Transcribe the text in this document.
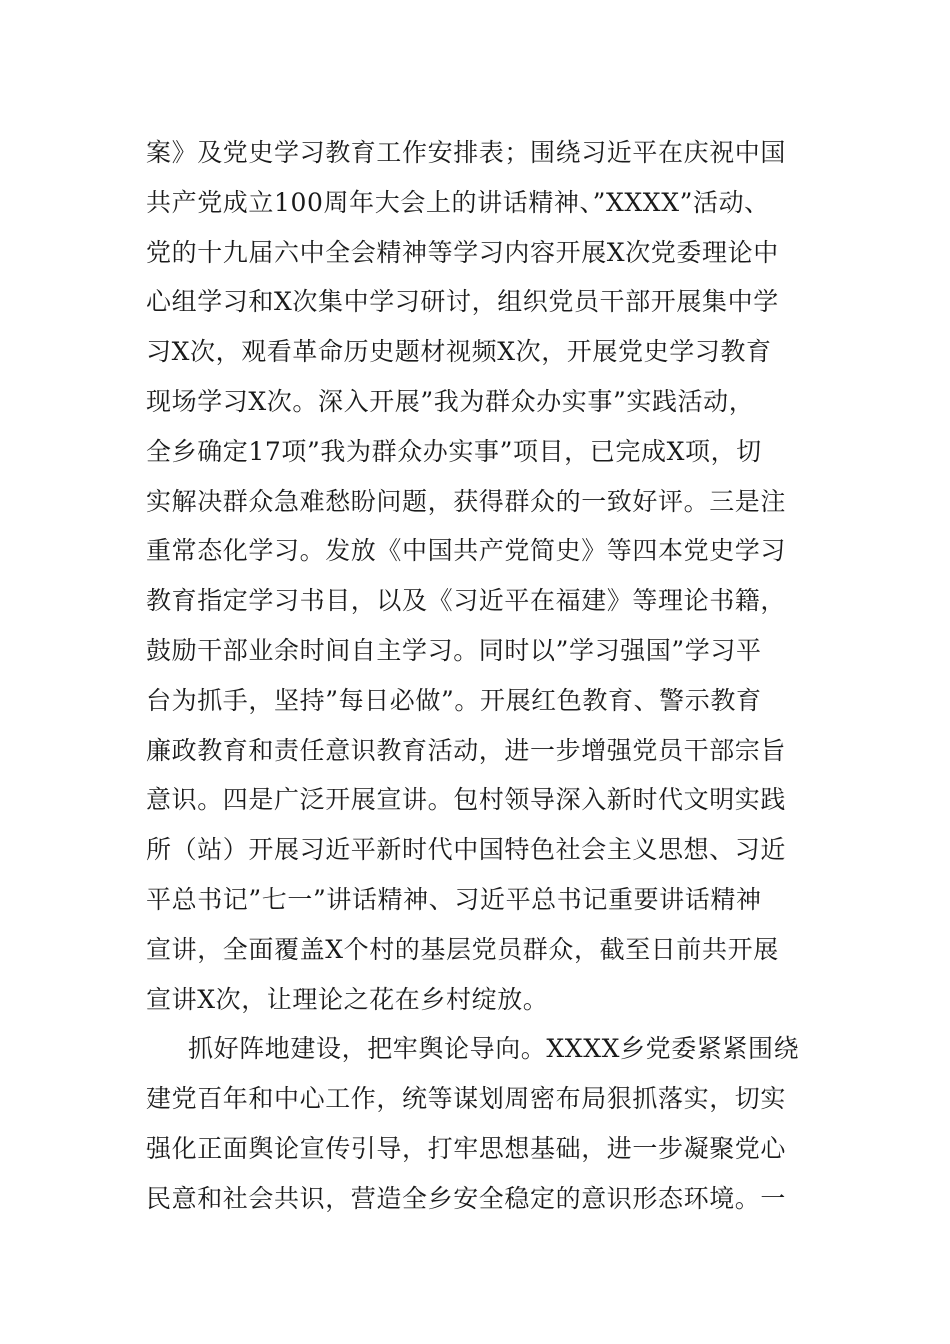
案》及党史学习教育工作安排表；围绕习近平在庆祝中国
共产党成立100周年大会上的讲话精神、”XXXX”活动、
党的十九届六中全会精神等学习内容开展X次党委理论中
心组学习和X次集中学习研讨，组织党员干部开展集中学
习X次，观看革命历史题材视频X次，开展党史学习教育
现场学习X次。深入开展”我为群众办实事”实践活动，
全乡确定17项”我为群众办实事”项目，已完成X项，切
实解决群众急难愁盼问题，获得群众的一致好评。三是注
重常态化学习。发放《中国共产党简史》等四本党史学习
教育指定学习书目，以及《习近平在福建》等理论书籍，
鼓励干部业余时间自主学习。同时以”学习强国”学习平
台为抓手，坚持”每日必做”。开展红色教育、警示教育
廉政教育和责任意识教育活动，进一步增强党员干部宗旨
意识。四是广泛开展宣讲。包村领导深入新时代文明实践
所（站）开展习近平新时代中国特色社会主义思想、习近
平总书记”七一”讲话精神、习近平总书记重要讲话精神
宣讲，全面覆盖X个村的基层党员群众，截至日前共开展
宣讲X次，让理论之花在乡村绽放。
抓好阵地建设，把牢舆论导向。XXXX乡党委紧紧围绕
建党百年和中心工作，统等谋划周密布局狠抓落实，切实
强化正面舆论宣传引导，打牢思想基础，进一步凝聚党心
民意和社会共识，营造全乡安全稳定的意识形态环境。一
